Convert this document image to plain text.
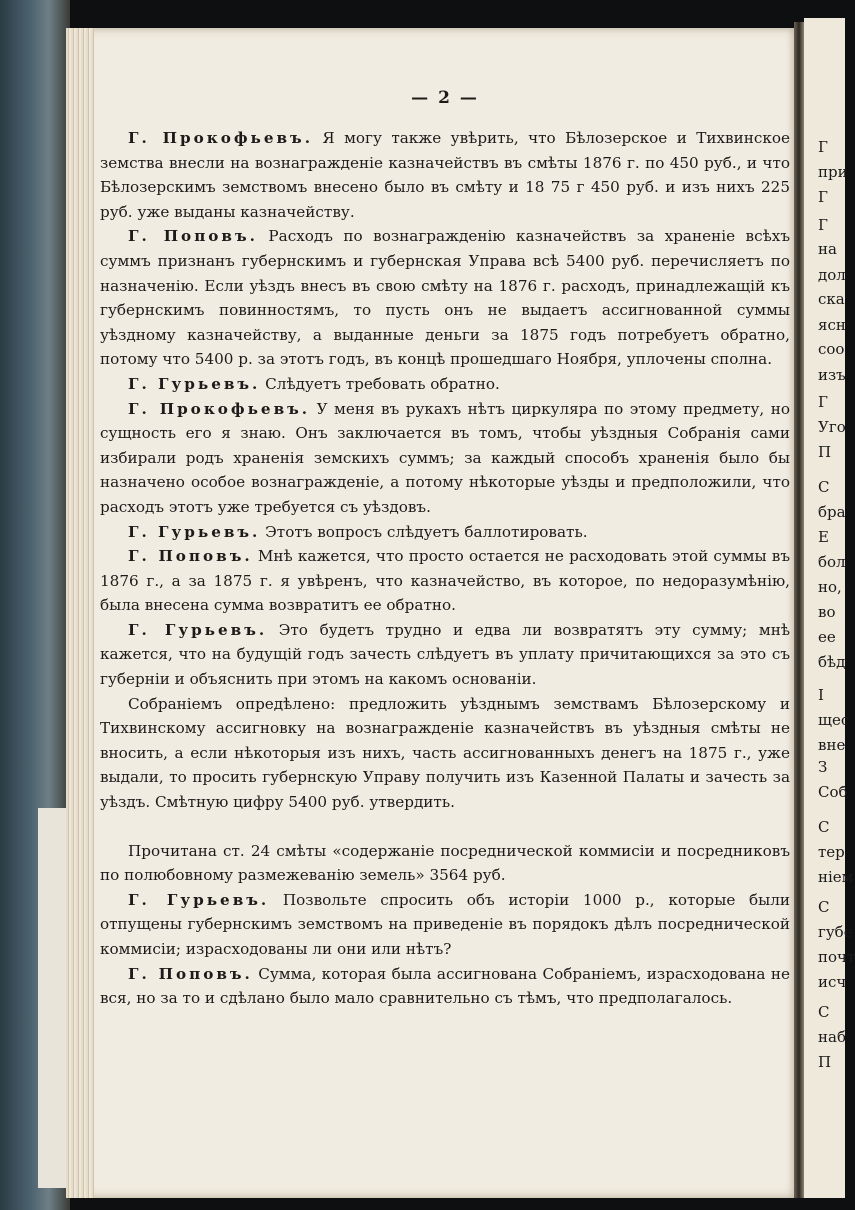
Г
при
Г
Г
на
дол
ска
ясн
соо
изъ
Г
Уго
П
С
бра
Е
бол
но,
во
ее
бѣд
І
щес
вне
З
Соб
С
тер
ніем
С
губе
почт
исч
С
наб
П
— 2 —

Г. Прокофьевъ. Я могу также увѣрить, что Бѣлозерское и Тихвинское земства внесли на вознагражденіе казначействъ въ смѣты 1876 г. по 450 руб., и что Бѣлозерскимъ земствомъ внесено было въ смѣту и 18 75 г 450 руб. и изъ нихъ 225 руб. уже выданы казначейству.

Г. Поповъ. Расходъ по вознагражденію казначействъ за храненіе всѣхъ суммъ признанъ губернскимъ и губернская Управа всѣ 5400 руб. перечисляетъ по назначенію. Если уѣздъ внесъ въ свою смѣту на 1876 г. расходъ, принадлежащій къ губернскимъ повинностямъ, то пусть онъ не выдаетъ ассигнованной суммы уѣздному казначейству, а выданные деньги за 1875 годъ потребуетъ обратно, потому что 5400 р. за этотъ годъ, въ концѣ прошедшаго Ноября, уплочены сполна.

Г. Гурьевъ. Слѣдуетъ требовать обратно.

Г. Прокофьевъ. У меня въ рукахъ нѣтъ циркуляра по этому предмету, но сущность его я знаю. Онъ заключается въ томъ, чтобы уѣздныя Собранія сами избирали родъ храненія земскихъ суммъ; за каждый способъ храненія было бы назначено особое вознагражденіе, а потому нѣкоторые уѣзды и предположили, что расходъ этотъ уже требуется съ уѣздовъ.

Г. Гурьевъ. Этотъ вопросъ слѣдуетъ баллотировать.

Г. Поповъ. Мнѣ кажется, что просто остается не расходовать этой суммы въ 1876 г., а за 1875 г. я увѣренъ, что казначейство, въ которое, по недоразумѣнію, была внесена сумма возвратитъ ее обратно.

Г. Гурьевъ. Это будетъ трудно и едва ли возвратятъ эту сумму; мнѣ кажется, что на будущій годъ зачесть слѣдуетъ въ уплату причитающихся за это съ губерніи и объяснить при этомъ на какомъ основаніи.

Собраніемъ опредѣлено: предложить уѣзднымъ земствамъ Бѣлозерскому и Тихвинскому ассигновку на вознагражденіе казначействъ въ уѣздныя смѣты не вносить, а если нѣкоторыя изъ нихъ, часть ассигнованныхъ денегъ на 1875 г., уже выдали, то просить губернскую Управу получить изъ Казенной Палаты и зачесть за уѣздъ. Смѣтную цифру 5400 руб. утвердить.

Прочитана ст. 24 смѣты «содержаніе посреднической коммисіи и посредниковъ по полюбовному размежеванію земель» 3564 руб.

Г. Гурьевъ. Позвольте спросить объ исторіи 1000 р., которые были отпущены губернскимъ земствомъ на приведеніе въ порядокъ дѣлъ посреднической коммисіи; израсходованы ли они или нѣтъ?

Г. Поповъ. Сумма, которая была ассигнована Собраніемъ, израсходована не вся, но за то и сдѣлано было мало сравнительно съ тѣмъ, что предполагалось.
